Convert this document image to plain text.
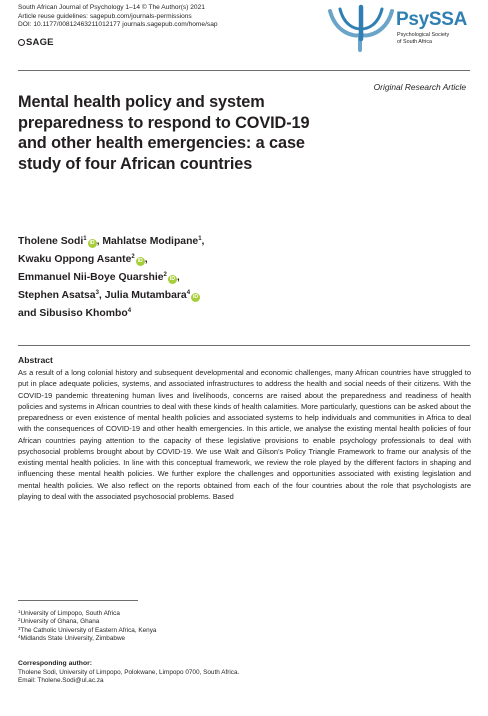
South African Journal of Psychology 1–14 © The Author(s) 2021
Article reuse guidelines: sagepub.com/journals-permissions
DOI: 10.1177/00812463211012177 journals.sagepub.com/home/sap
SAGE
PsySSA
Psychological Society
of South Africa
Original Research Article
Mental health policy and system preparedness to respond to COVID-19 and other health emergencies: a case study of four African countries
Tholene Sodi$^1$iD , Mahlatse Modipane$^1$,
Kwaku Oppong Asante$^2$iD ,
Emmanuel Nii-Boye Quarshie$^2$iD ,
Stephen Asatsa$^3$, Julia Mutambara$^4$iD
and Sibusiso Khombo$^4$
Abstract

As a result of a long colonial history and subsequent developmental and economic challenges, many African countries have struggled to put in place adequate policies, systems, and associated infrastructures to address the health and social needs of their citizens. With the COVID-19 pandemic threatening human lives and livelihoods, concerns are raised about the preparedness and readiness of health policies and systems in African countries to deal with these kinds of health calamities. More particularly, questions can be asked about the preparedness or even existence of mental health policies and associated systems to help individuals and communities in Africa to deal with the consequences of COVID-19 and other health emergencies. In this article, we analyse the existing mental health policies of four African countries paying attention to the capacity of these legislative provisions to enable psychology professionals to deal with psychosocial problems brought about by COVID-19. We use Walt and Gilson’s Policy Triangle Framework to frame our analysis of the existing mental health policies. In line with this conceptual framework, we review the role played by the different factors in shaping and influencing these mental health policies. We further explore the challenges and opportunities associated with existing legislation and mental health policies. We also reflect on the reports obtained from each of the four countries about the role that psychologists are playing to deal with the associated psychosocial problems. Based

$^1$University of Limpopo, South Africa
$^2$University of Ghana, Ghana
$^3$The Catholic University of Eastern Africa, Kenya
$^4$Midlands State University, Zimbabwe
Corresponding author:
Tholene Sodi, University of Limpopo, Polokwane, Limpopo 0700, South Africa.
Email: Tholene.Sodi@ul.ac.za
